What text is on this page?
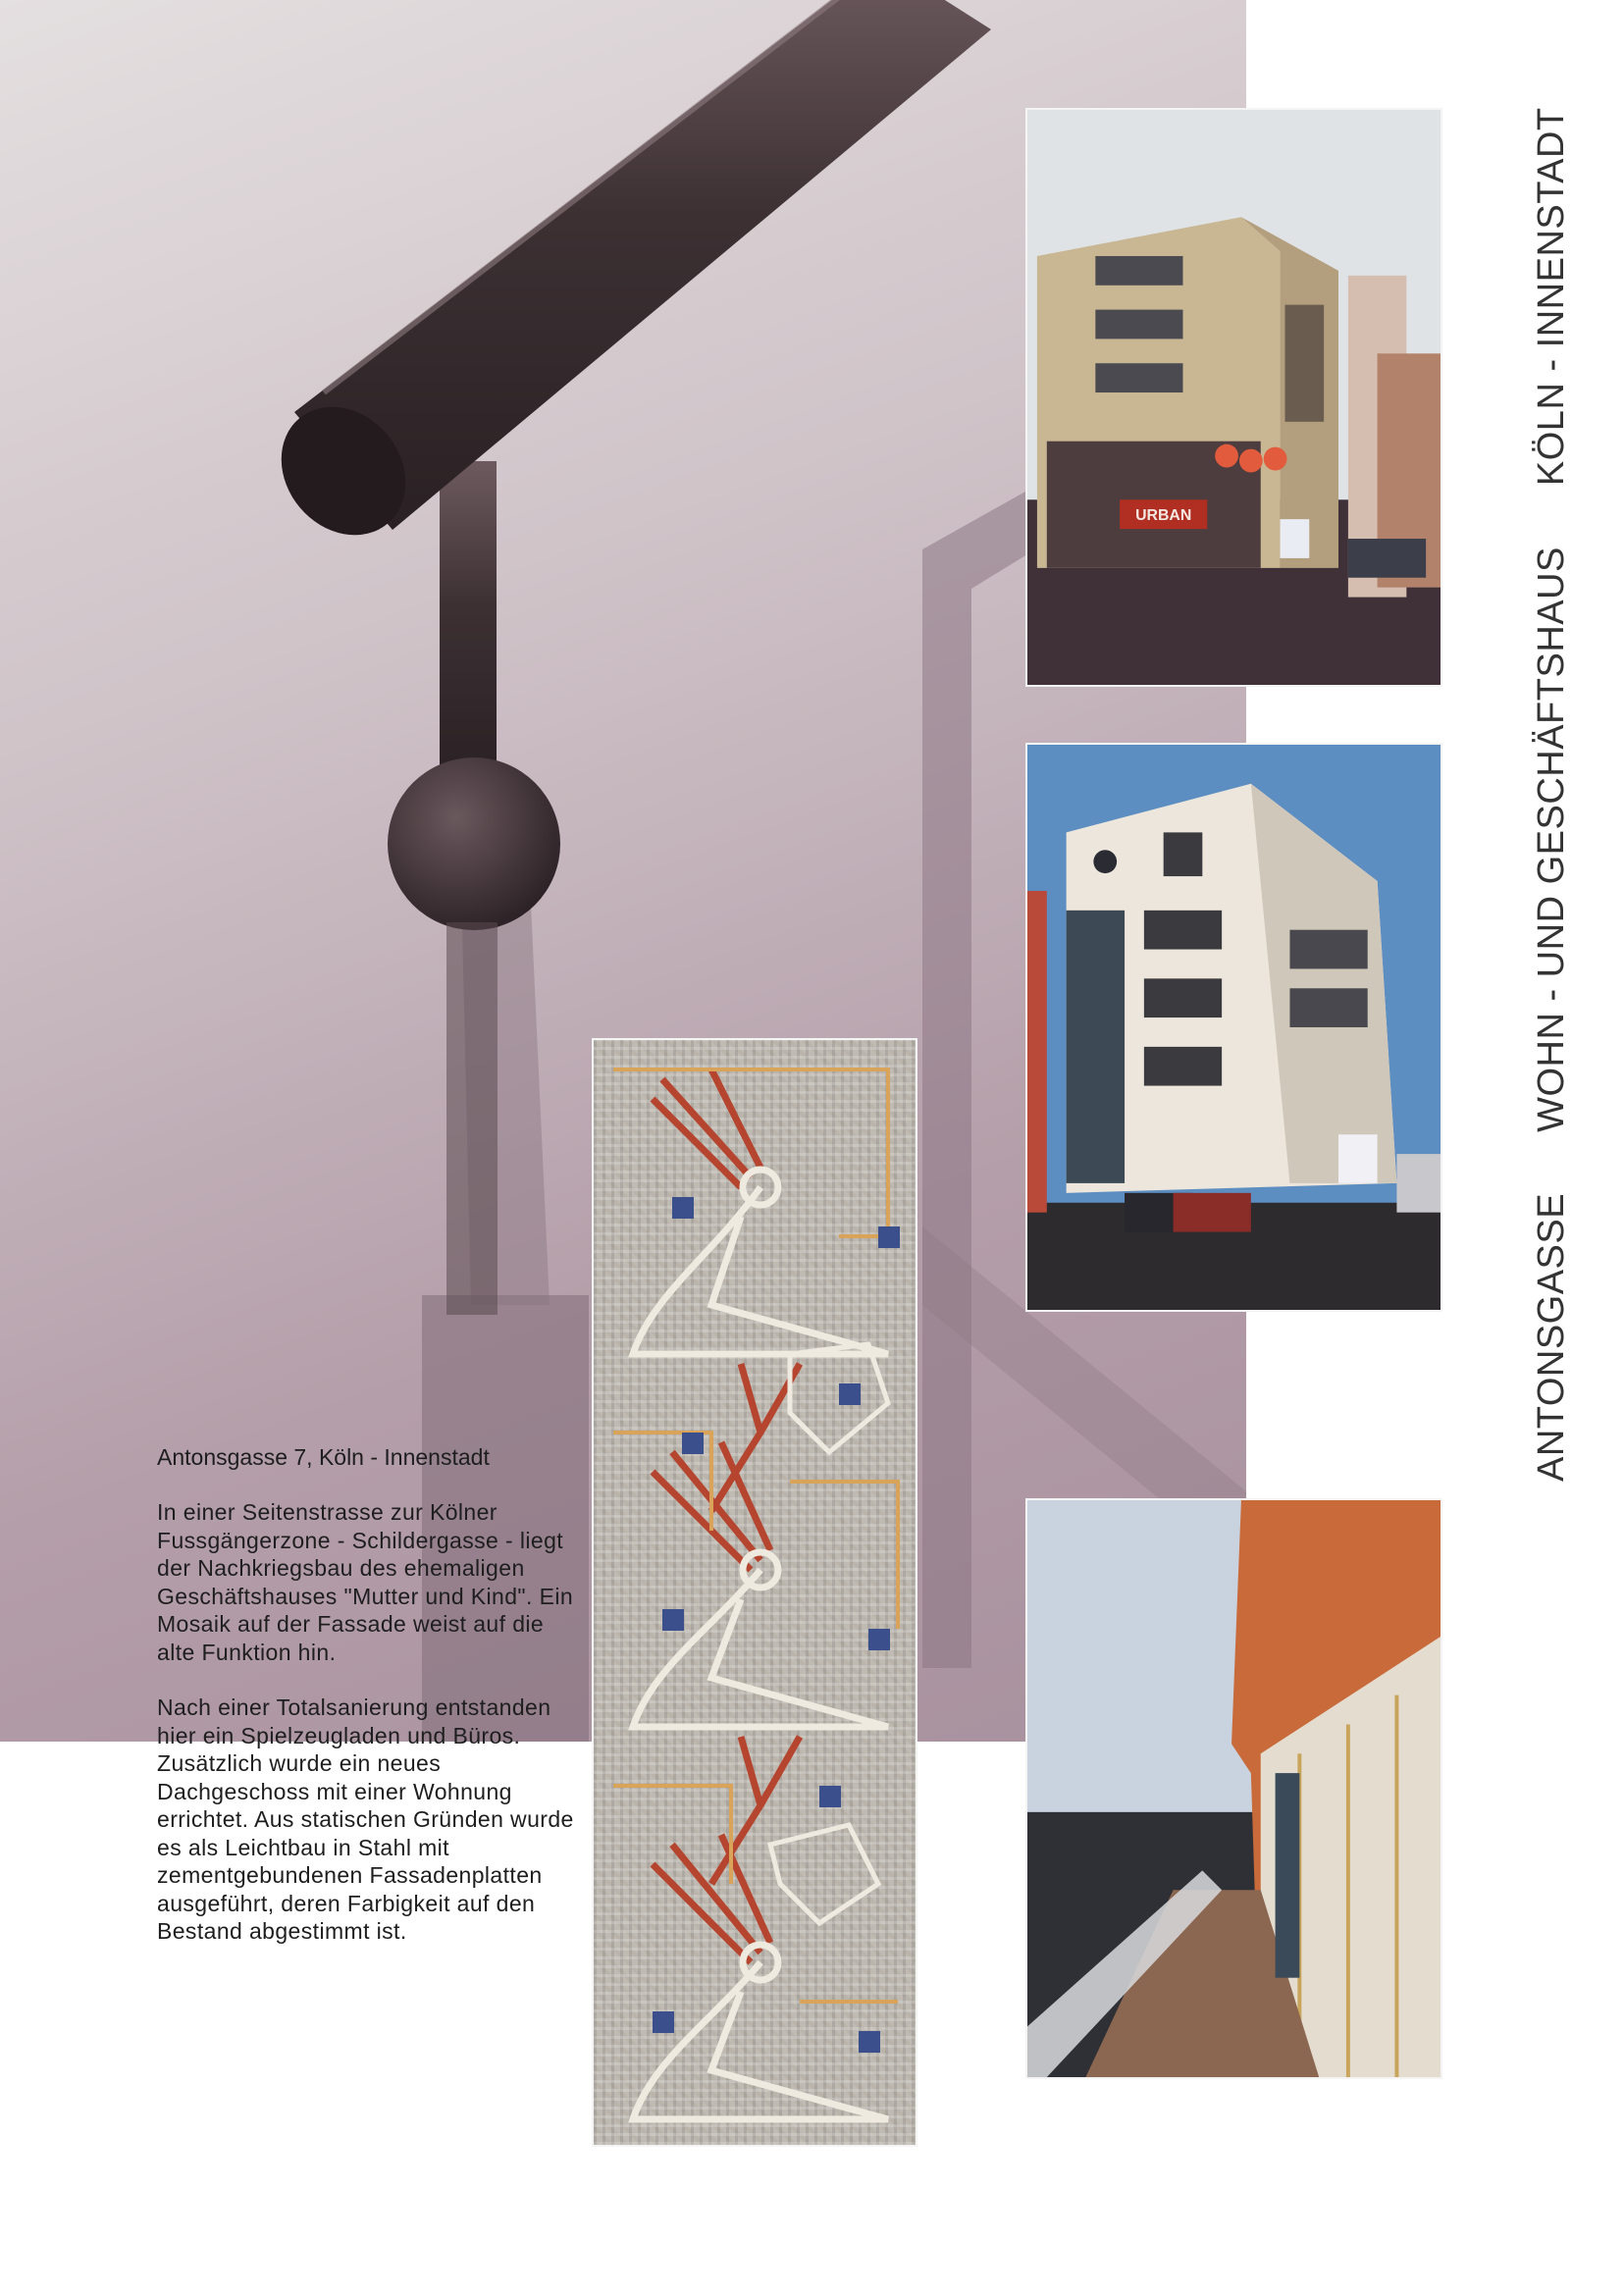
URBAN
ANTONSGASSEWOHN - UND GESCHÄFTSHAUSKÖLN - INNENSTADT
Antonsgasse 7, Köln - Innenstadt

In einer Seitenstrasse zur Kölner Fussgängerzone - Schildergasse - liegt der Nachkriegsbau des ehemaligen Geschäftshauses "Mutter und Kind". Ein Mosaik auf der Fassade weist auf die alte Funktion hin.

Nach einer Totalsanierung entstanden hier ein Spielzeugladen und Büros. Zusätzlich wurde ein neues Dachgeschoss mit einer Wohnung errichtet. Aus statischen Gründen wurde es als Leichtbau in Stahl mit zementgebundenen Fassadenplatten ausgeführt, deren Farbigkeit auf den Bestand abgestimmt ist.
